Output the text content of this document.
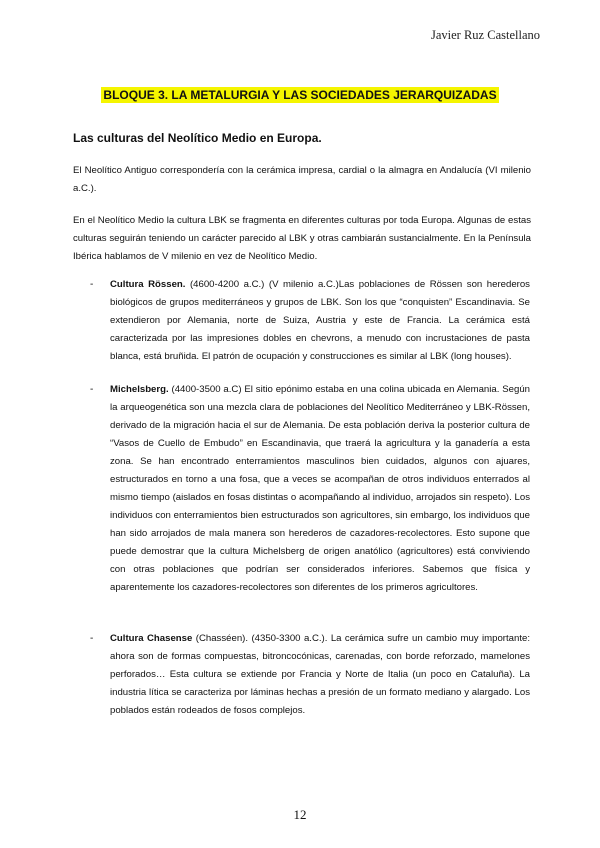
Javier Ruz Castellano
BLOQUE 3. LA METALURGIA Y LAS SOCIEDADES JERARQUIZADAS
Las culturas del Neolítico Medio en Europa.
El Neolítico Antiguo correspondería con la cerámica impresa, cardial o la almagra en Andalucía (VI milenio a.C.).
En el Neolítico Medio la cultura LBK se fragmenta en diferentes culturas por toda Europa. Algunas de estas culturas seguirán teniendo un carácter parecido al LBK y otras cambiarán sustancialmente. En la Península Ibérica hablamos de V milenio en vez de Neolítico Medio.
- Cultura Rössen. (4600-4200 a.C.) (V milenio a.C.)Las poblaciones de Rössen son herederos biológicos de grupos mediterráneos y grupos de LBK. Son los que “conquisten” Escandinavia. Se extendieron por Alemania, norte de Suiza, Austria y este de Francia. La cerámica está caracterizada por las impresiones dobles en chevrons, a menudo con incrustaciones de pasta blanca, está bruñida. El patrón de ocupación y construcciones es similar al LBK (long houses).
- Michelsberg. (4400-3500 a.C) El sitio epónimo estaba en una colina ubicada en Alemania. Según la arqueogenética son una mezcla clara de poblaciones del Neolítico Mediterráneo y LBK-Rössen, derivado de la migración hacia el sur de Alemania. De esta población deriva la posterior cultura de “Vasos de Cuello de Embudo” en Escandinavia, que traerá la agricultura y la ganadería a esta zona. Se han encontrado enterramientos masculinos bien cuidados, algunos con ajuares, estructurados en torno a una fosa, que a veces se acompañan de otros individuos enterrados al mismo tiempo (aislados en fosas distintas o acompañando al individuo, arrojados sin respeto). Los individuos con enterramientos bien estructurados son agricultores, sin embargo, los individuos que han sido arrojados de mala manera son herederos de cazadores-recolectores. Esto supone que puede demostrar que la cultura Michelsberg de origen anatólico (agricultores) está conviviendo con otras poblaciones que podrían ser considerados inferiores. Sabemos que física y aparentemente los cazadores-recolectores son diferentes de los primeros agricultores.
- Cultura Chasense (Chasséen). (4350-3300 a.C.). La cerámica sufre un cambio muy importante: ahora son de formas compuestas, bitroncocónicas, carenadas, con borde reforzado, mamelones perforados… Esta cultura se extiende por Francia y Norte de Italia (un poco en Cataluña). La industria lítica se caracteriza por láminas hechas a presión de un formato mediano y alargado. Los poblados están rodeados de fosos complejos.
12
